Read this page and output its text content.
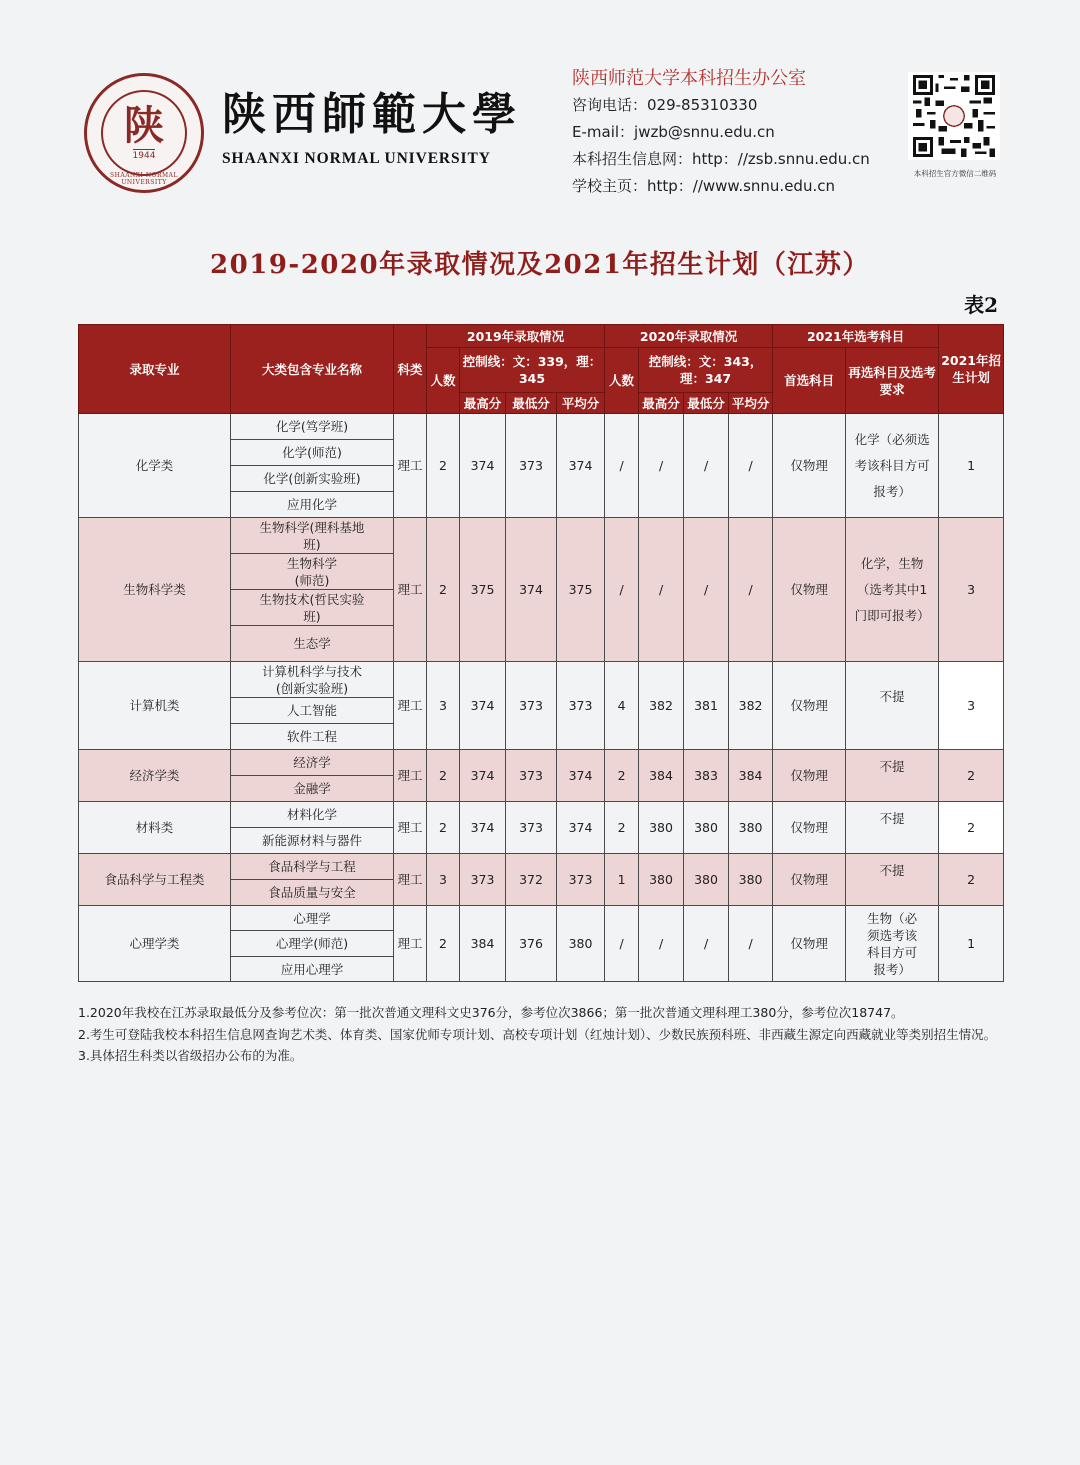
陕
1944
SHAANXI NORMAL UNIVERSITY
陕西師範大學
SHAANXI NORMAL UNIVERSITY
陕西师范大学本科招生办公室
咨询电话：029-85310330
E-mail：jwzb@snnu.edu.cn
本科招生信息网：http：//zsb.snnu.edu.cn
学校主页：http：//www.snnu.edu.cn
本科招生官方微信二维码
2019-2020年录取情况及2021年招生计划（江苏）
表2
录取专业	大类包含专业名称	科类	2019年录取情况				2020年录取情况				2021年选考科目		2021年招生计划
			人数	控制线：文：339，理：345			人数	控制线：文：343，理：347			首选科目	再选科目及选考要求	
				最高分	最低分	平均分		最高分	最低分	平均分			
化学类	化学(笃学班)	理工	2	374	373	374	/	/	/	/	仅物理	化学（必须选考该科目方可报考）	1
	化学(师范)												
	化学(创新实验班)												
	应用化学												
生物科学类	生物科学(理科基地班)	理工	2	375	374	375	/	/	/	/	仅物理	化学，生物（选考其中1门即可报考）	3
	生物科学(师范)												
	生物技术(哲民实验班)												
	生态学												
计算机类	计算机科学与技术(创新实验班)	理工	3	374	373	373	4	382	381	382	仅物理	不提	3
	人工智能												
	软件工程												
经济学类	经济学	理工	2	374	373	374	2	384	383	384	仅物理	不提	2
	金融学												
材料类	材料化学	理工	2	374	373	374	2	380	380	380	仅物理	不提	2
	新能源材料与器件												
食品科学与工程类	食品科学与工程	理工	3	373	372	373	1	380	380	380	仅物理	不提	2
	食品质量与安全												
心理学类	心理学	理工	2	384	376	380	/	/	/	/	仅物理	生物（必须选考该科目方可报考）	1
	心理学(师范)												
	应用心理学												
1.2020年我校在江苏录取最低分及参考位次：第一批次普通文理科文史376分，参考位次3866；第一批次普通文理科理工380分，参考位次18747。
2.考生可登陆我校本科招生信息网查询艺术类、体育类、国家优师专项计划、高校专项计划（红烛计划）、少数民族预科班、非西藏生源定向西藏就业等类别招生情况。
3.具体招生科类以省级招办公布的为准。
